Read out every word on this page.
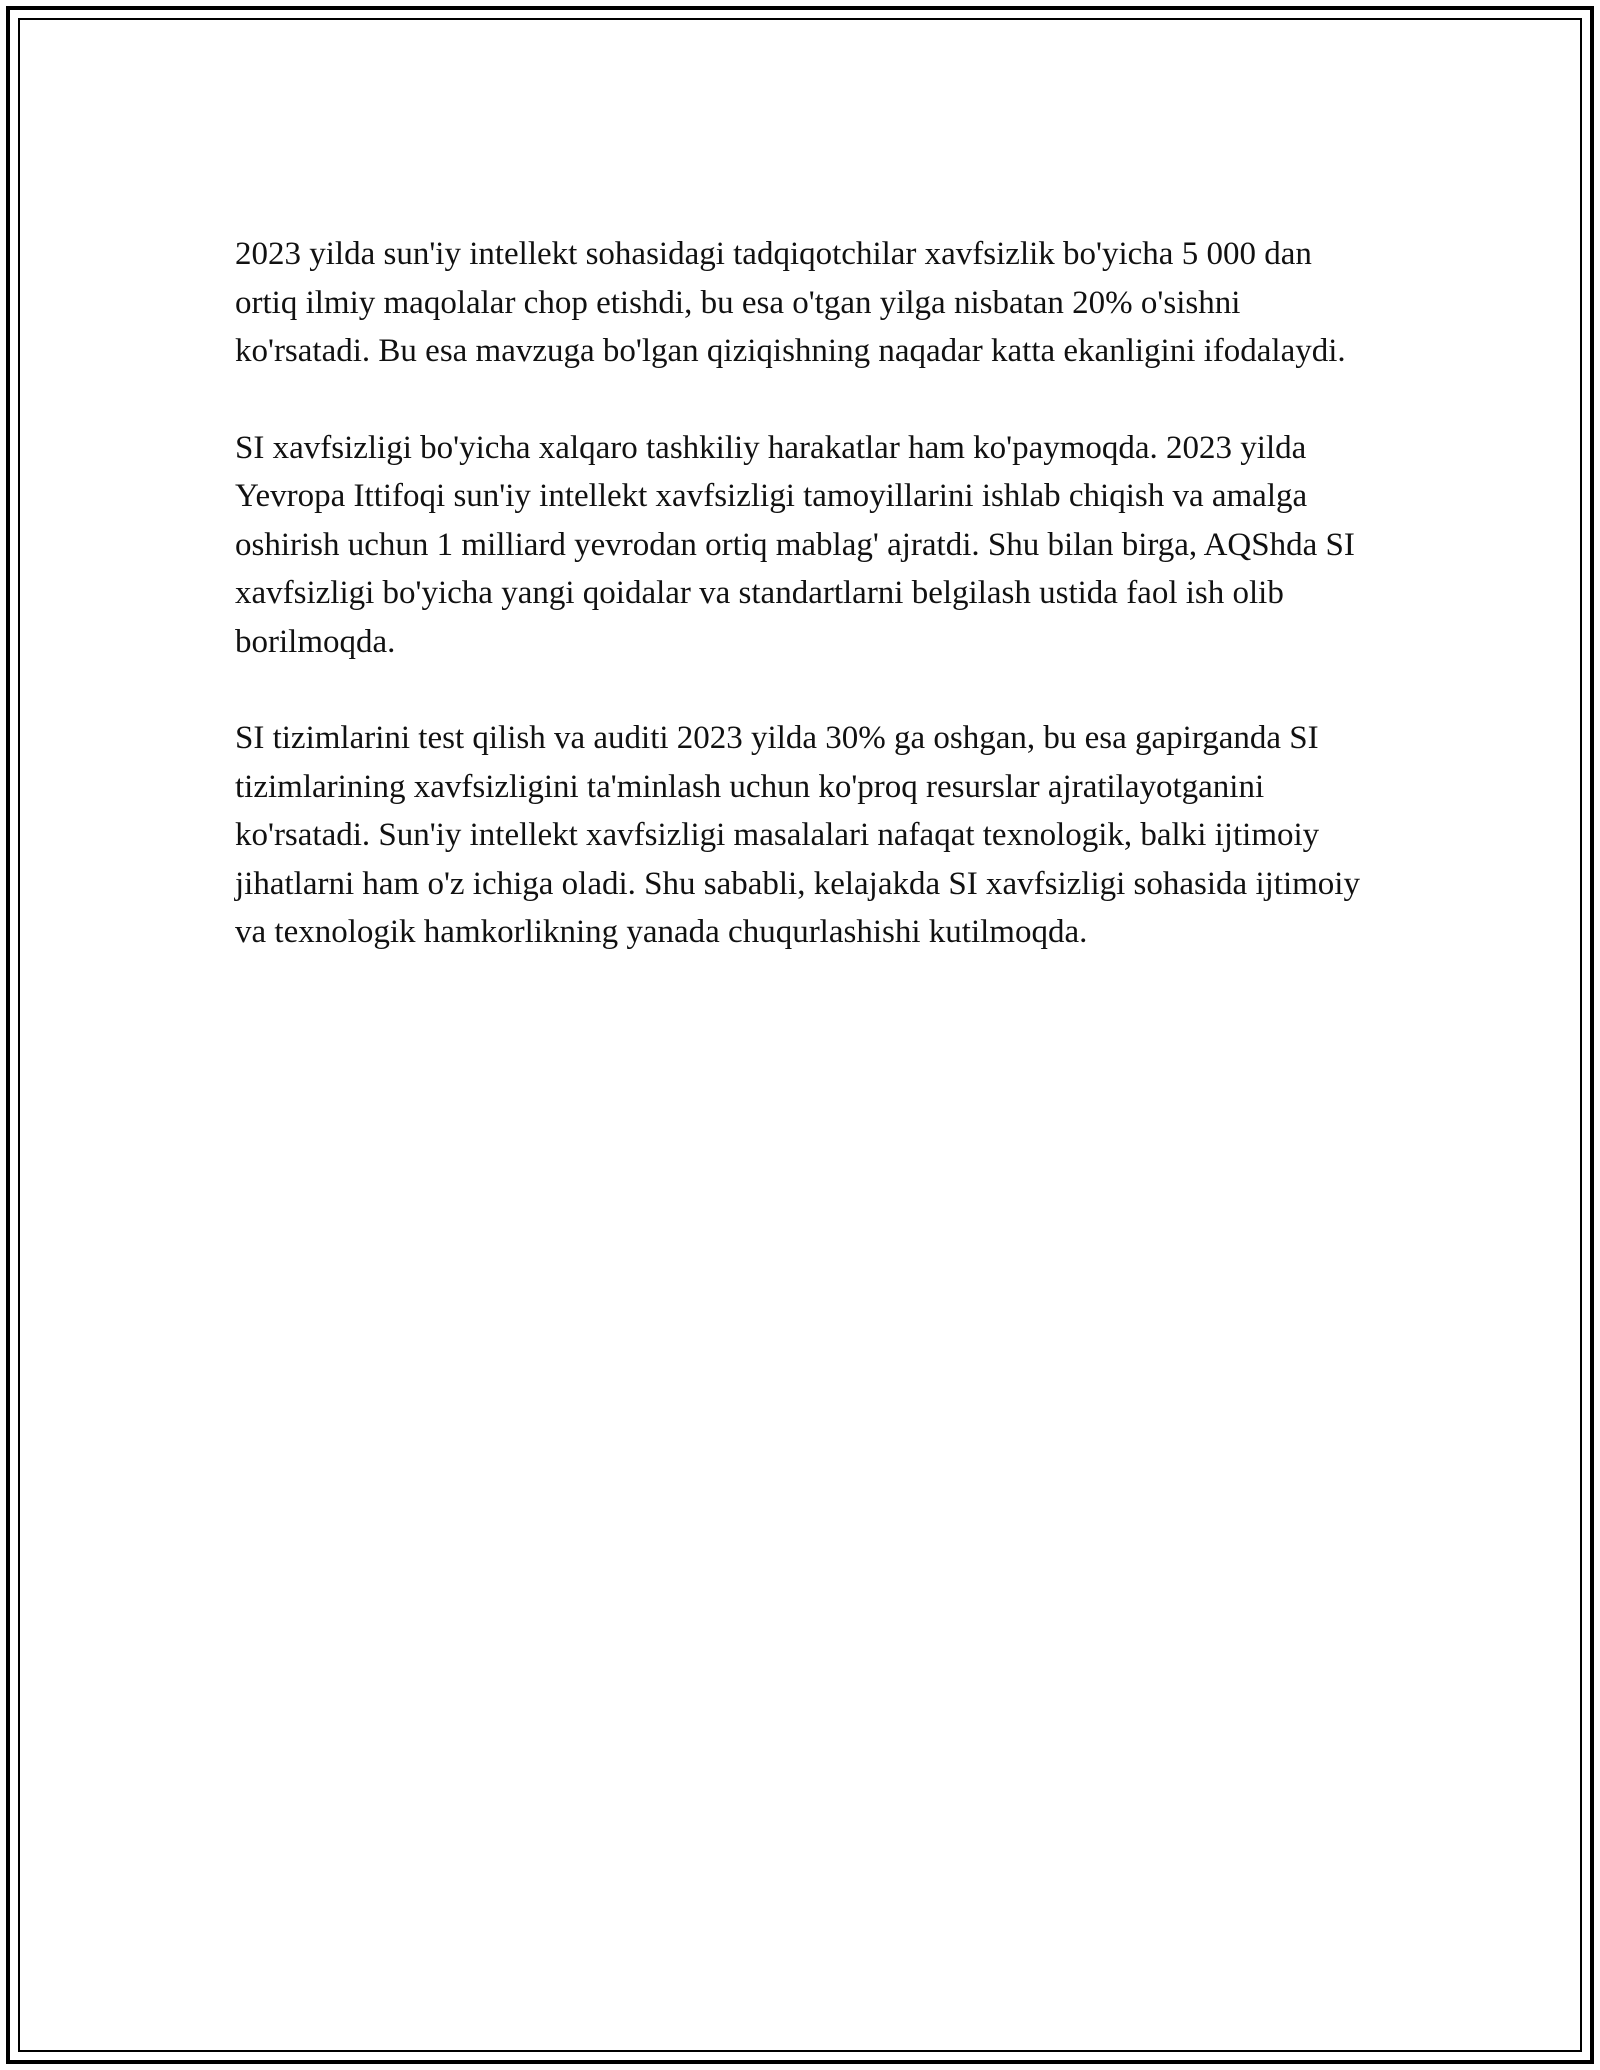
2023 yilda sun'iy intellekt sohasidagi tadqiqotchilar xavfsizlik bo'yicha 5 000 dan ortiq ilmiy maqolalar chop etishdi, bu esa o'tgan yilga nisbatan 20% o'sishni ko'rsatadi. Bu esa mavzuga bo'lgan qiziqishning naqadar katta ekanligini ifodalaydi.

SI xavfsizligi bo'yicha xalqaro tashkiliy harakatlar ham ko'paymoqda. 2023 yilda Yevropa Ittifoqi sun'iy intellekt xavfsizligi tamoyillarini ishlab chiqish va amalga oshirish uchun 1 milliard yevrodan ortiq mablag' ajratdi. Shu bilan birga, AQShda SI xavfsizligi bo'yicha yangi qoidalar va standartlarni belgilash ustida faol ish olib borilmoqda.

SI tizimlarini test qilish va auditi 2023 yilda 30% ga oshgan, bu esa gapirganda SI tizimlarining xavfsizligini ta'minlash uchun ko'proq resurslar ajratilayotganini ko'rsatadi. Sun'iy intellekt xavfsizligi masalalari nafaqat texnologik, balki ijtimoiy jihatlarni ham o'z ichiga oladi. Shu sababli, kelajakda SI xavfsizligi sohasida ijtimoiy va texnologik hamkorlikning yanada chuqurlashishi kutilmoqda.
